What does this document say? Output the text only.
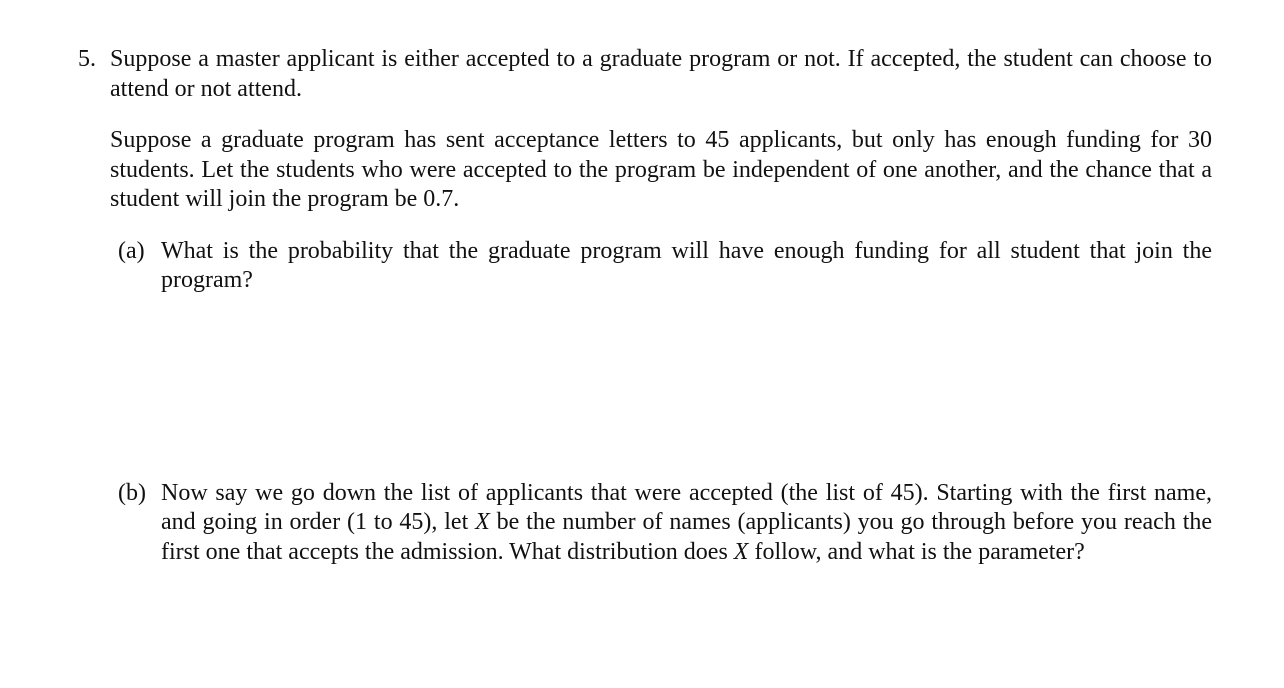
5. Suppose a master applicant is either accepted to a graduate program or not. If accepted, the student can choose to attend or not attend.

Suppose a graduate program has sent acceptance letters to 45 applicants, but only has enough funding for 30 students. Let the students who were accepted to the program be independent of one another, and the chance that a student will join the program be 0.7.

(a) What is the probability that the graduate program will have enough funding for all student that join the program?
(b) Now say we go down the list of applicants that were accepted (the list of 45). Starting with the first name, and going in order (1 to 45), let X be the number of names (applicants) you go through before you reach the first one that accepts the admission. What distribution does X follow, and what is the parameter?
